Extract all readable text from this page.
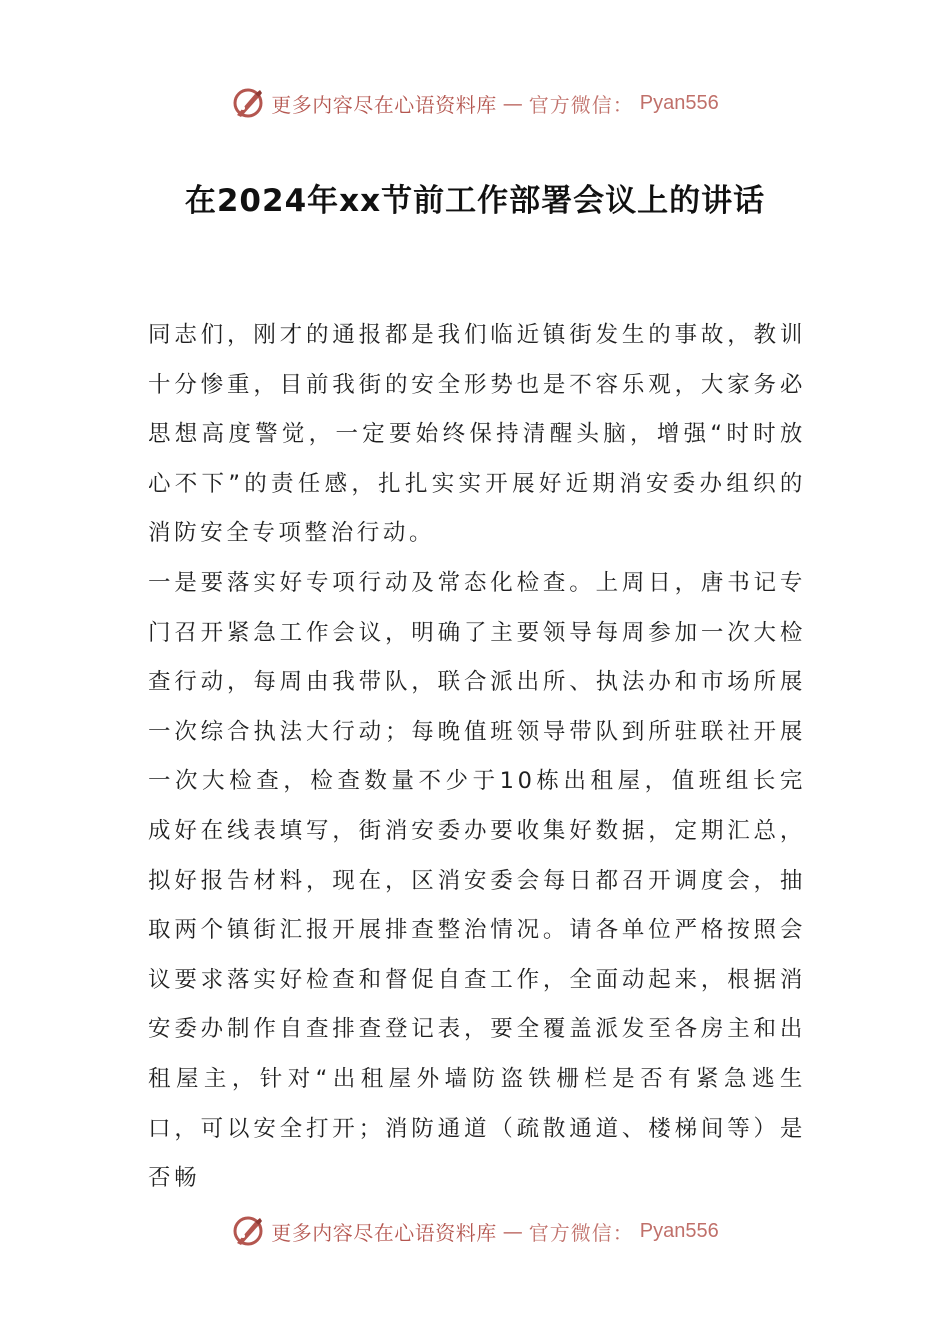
更多内容尽在心语资料库 — 官方微信： Pyan556
在2024年xx节前工作部署会议上的讲话

同志们，刚才的通报都是我们临近镇街发生的事故，教训十分惨重，目前我街的安全形势也是不容乐观，大家务必思想高度警觉，一定要始终保持清醒头脑，增强“时时放心不下”的责任感，扎扎实实开展好近期消安委办组织的消防安全专项整治行动。

一是要落实好专项行动及常态化检查。上周日，唐书记专门召开紧急工作会议，明确了主要领导每周参加一次大检查行动，每周由我带队，联合派出所、执法办和市场所展一次综合执法大行动；每晚值班领导带队到所驻联社开展一次大检查，检查数量不少于10栋出租屋，值班组长完成好在线表填写，街消安委办要收集好数据，定期汇总，拟好报告材料，现在，区消安委会每日都召开调度会，抽取两个镇街汇报开展排查整治情况。请各单位严格按照会议要求落实好检查和督促自查工作，全面动起来，根据消安委办制作自查排查登记表，要全覆盖派发至各房主和出租屋主，针对“出租屋外墙防盗铁栅栏是否有紧急逃生口，可以安全打开；消防通道（疏散通道、楼梯间等）是否畅

更多内容尽在心语资料库 — 官方微信： Pyan556
